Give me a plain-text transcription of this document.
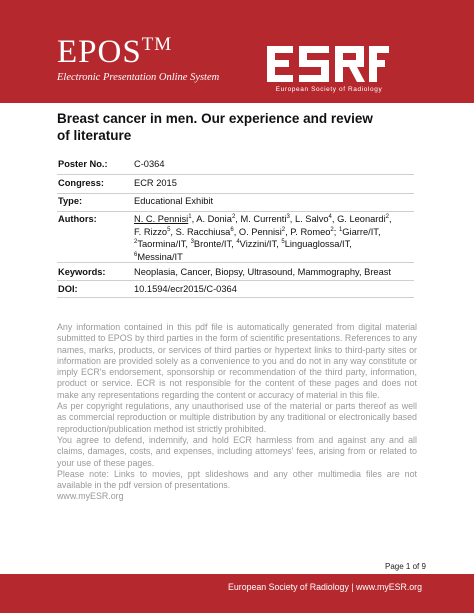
EPOS™
Electronic Presentation Online System
European Society of Radiology
Breast cancer in men. Our experience and review of literature
Poster No.:	C-0364
Congress:	ECR 2015
Type:	Educational Exhibit
Authors:	N. C. Pennisi$^1$, A. Donia$^2$, M. Currenti$^3$, L. Salvo$^4$, G. Leonardi$^2$, F. Rizzo$^5$, S. Racchiusa$^6$, O. Pennisi$^2$, P. Romeo$^2$; $^1$Giarre/IT, $^2$Taormina/IT, $^3$Bronte/IT, $^4$Vizzini/IT, $^5$Linguaglossa/IT, $^6$Messina/IT
Keywords:	Neoplasia, Cancer, Biopsy, Ultrasound, Mammography, Breast
DOI:	10.1594/ecr2015/C-0364

Any information contained in this pdf file is automatically generated from digital material submitted to EPOS by third parties in the form of scientific presentations. References to any names, marks, products, or services of third parties or hypertext links to third-party sites or information are provided solely as a convenience to you and do not in any way constitute or imply ECR's endorsement, sponsorship or recommendation of the third party, information, product or service. ECR is not responsible for the content of these pages and does not make any representations regarding the content or accuracy of material in this file.

As per copyright regulations, any unauthorised use of the material or parts thereof as well as commercial reproduction or multiple distribution by any traditional or electronically based reproduction/publication method ist strictly prohibited.

You agree to defend, indemnify, and hold ECR harmless from and against any and all claims, damages, costs, and expenses, including attorneys' fees, arising from or related to your use of these pages.

Please note: Links to movies, ppt slideshows and any other multimedia files are not available in the pdf version of presentations.

www.myESR.org

Page 1 of 9
European Society of Radiology | www.myESR.org
